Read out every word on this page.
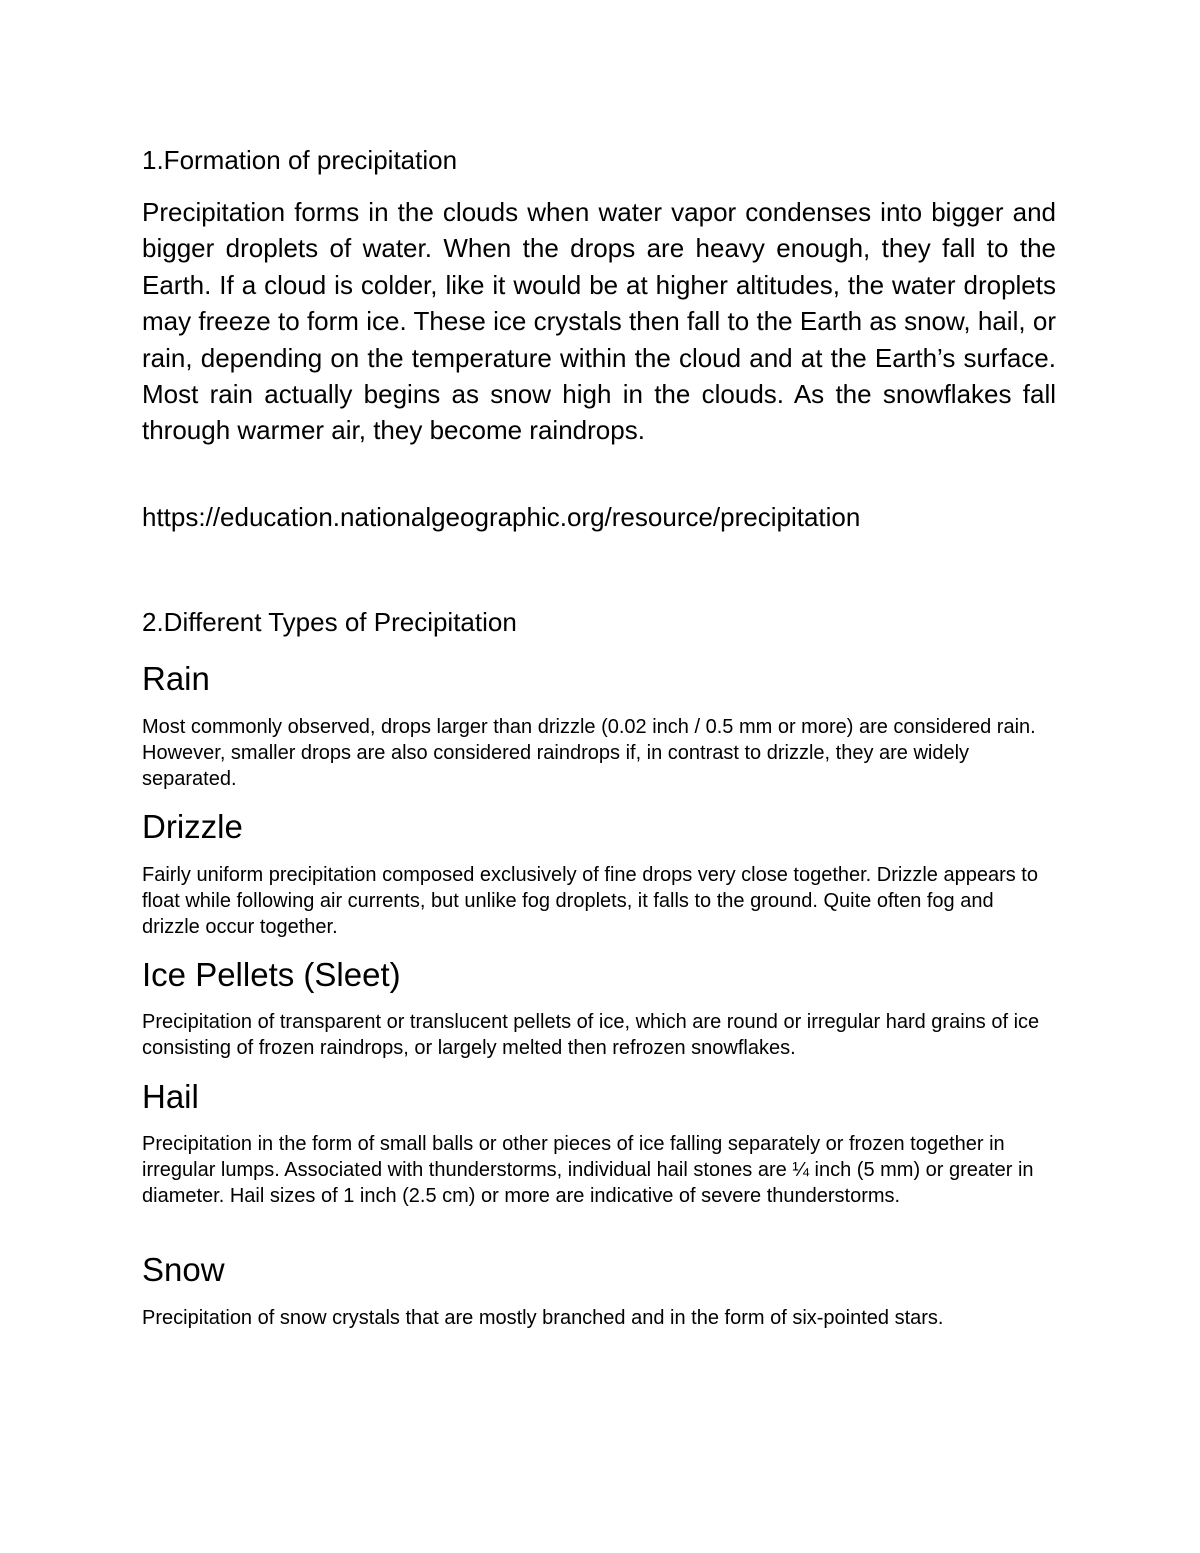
1.Formation of precipitation

Precipitation forms in the clouds when water vapor condenses into bigger and bigger droplets of water. When the drops are heavy enough, they fall to the Earth. If a cloud is colder, like it would be at higher altitudes, the water droplets may freeze to form ice. These ice crystals then fall to the Earth as snow, hail, or rain, depending on the temperature within the cloud and at the Earth’s surface. Most rain actually begins as snow high in the clouds. As the snowflakes fall through warmer air, they become raindrops.

https://education.nationalgeographic.org/resource/precipitation
2.Different Types of Precipitation
Rain

Most commonly observed, drops larger than drizzle (0.02 inch / 0.5 mm or more) are considered rain. However, smaller drops are also considered raindrops if, in contrast to drizzle, they are widely separated.

Drizzle

Fairly uniform precipitation composed exclusively of fine drops very close together. Drizzle appears to float while following air currents, but unlike fog droplets, it falls to the ground. Quite often fog and drizzle occur together.

Ice Pellets (Sleet)

Precipitation of transparent or translucent pellets of ice, which are round or irregular hard grains of ice consisting of frozen raindrops, or largely melted then refrozen snowflakes.

Hail

Precipitation in the form of small balls or other pieces of ice falling separately or frozen together in irregular lumps. Associated with thunderstorms, individual hail stones are ¼ inch (5 mm) or greater in diameter. Hail sizes of 1 inch (2.5 cm) or more are indicative of severe thunderstorms.

Snow

Precipitation of snow crystals that are mostly branched and in the form of six-pointed stars.
